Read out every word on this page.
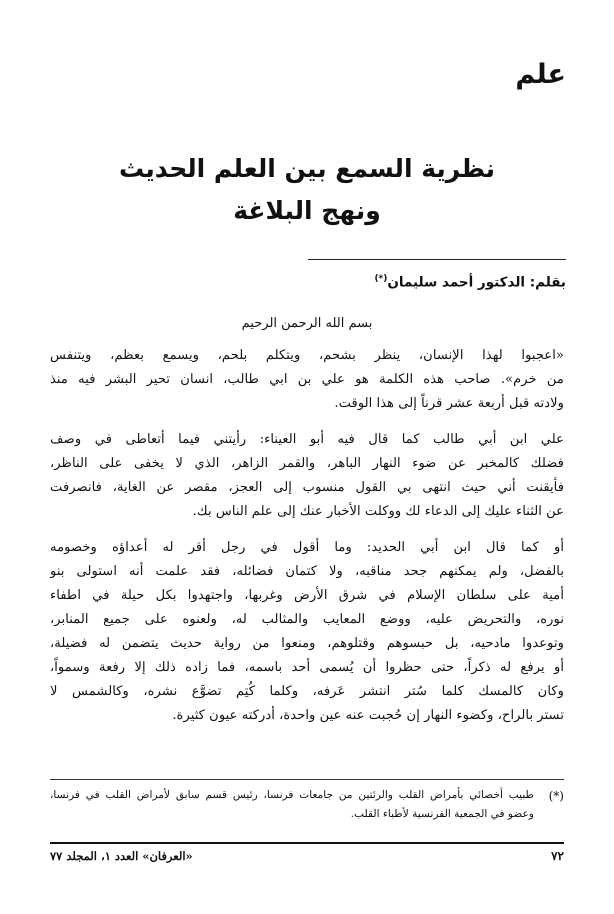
علم
نظرية السمع بين العلم الحديث
ونهج البلاغة
بقلم: الدكتور أحمد سليمان(*)
بسم الله الرحمن الرحيم
«اعجبوا لهذا الإنسان، ينظر بشحم، ويتكلم بلحم، ويسمع بعظم، ويتنفس
من خرم». صاحب هذه الكلمة هو علي بن ابي طالب، انسان تحير البشر فيه منذ
ولادته قبل أربعة عشر قرناً إلى هذا الوقت.
علي ابن أبي طالب كما قال فيه أبو العيناء: رأيتني فيما أتعاطى في وصف
فضلك كالمخبر عن ضوء النهار الباهر، والقمر الزاهر، الذي لا يخفى على الناظر،
فأيقنت أني حيث انتهى بي القول منسوب إلى العجز، مقصر عن الغاية، فانصرفت
عن الثناء عليك إلى الدعاء لك ووكلت الأخبار عنك إلى علم الناس بك.
أو كما قال ابن أبي الحديد: وما أقول في رجل أقر له أعداؤه وخصومه
بالفضل، ولم يمكنهم جحد مناقبه، ولا كتمان فضائله، فقد علمت أنه استولى بنو
أمية على سلطان الإسلام في شرق الأرض وغربها، واجتهدوا بكل حيلة في اطفاء
نوره، والتحريض عليه، ووضع المعايب والمثالب له، ولعنوه على جميع المنابر،
وتوعدوا مادحيه، بل حبسوهم وقتلوهم، ومنعوا من رواية حديث يتضمن له فضيلة،
أو يرفع له ذكراً، حتى حظروا أن يُسمى أحد باسمه، فما زاده ذلك إلا رفعة وسمواً،
وكان كالمسك كلما سُتر انتشر عَرفه، وكلما كُتِم تضوَّع نشره، وكالشمس لا
تستر بالراح، وكضوء النهار إن حُجبت عنه عين واحدة، أدركته عيون كثيرة.
(*)
طبيب أخصائي بأمراض القلب والرئتين من جامعات فرنسا، رئيس قسم سابق لأمراض القلب في فرنسا،
وعضو في الجمعية الفرنسية لأطباء القلب.
٧٢
«العرفان» العدد ١، المجلد ٧٧
